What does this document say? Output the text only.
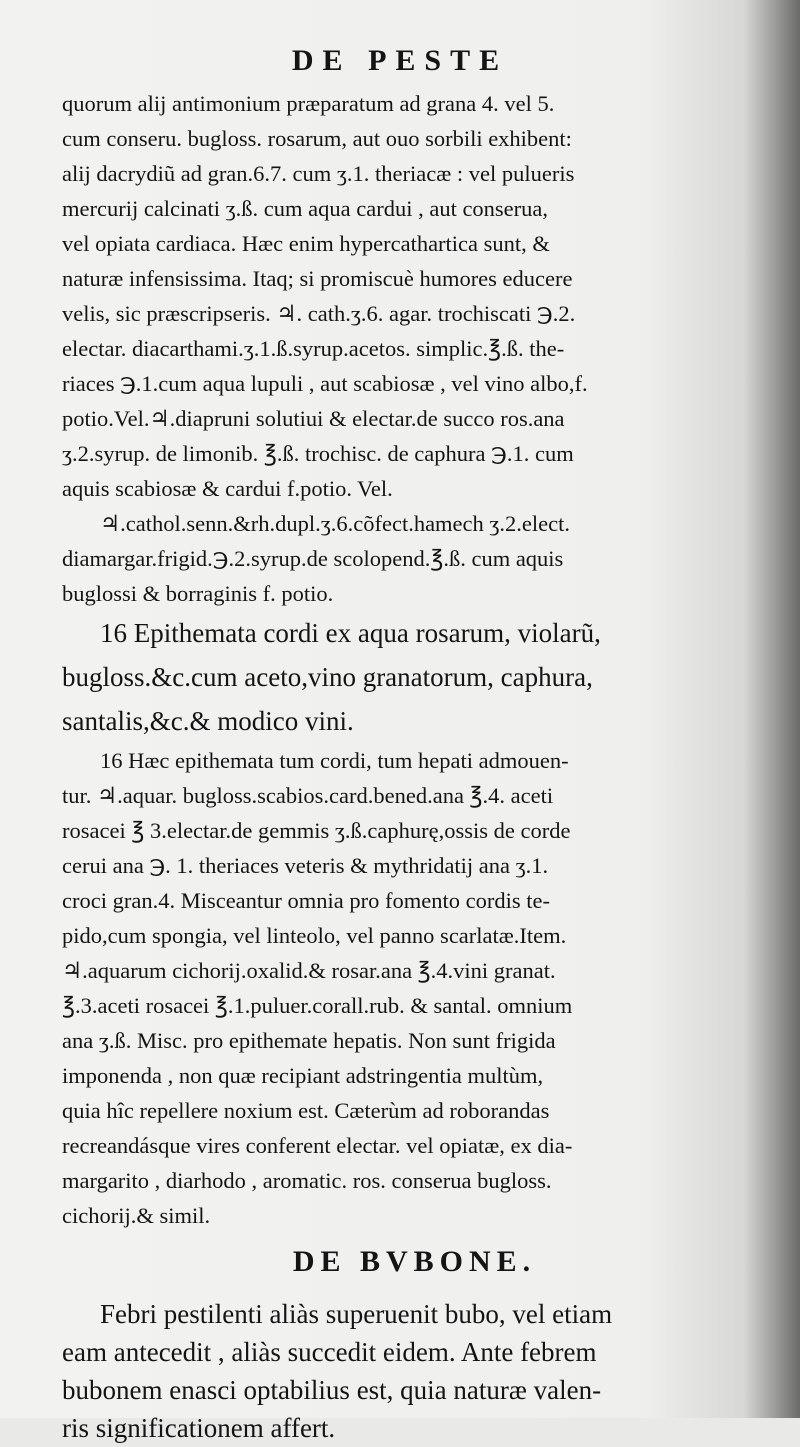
DE PESTE
quorum alij antimonium præparatum ad grana 4. vel 5.
cum conseru. bugloss. rosarum, aut ouo sorbili exhibent:
alij dacrydiũ ad gran.6.7. cum ʒ.1. theriacæ : vel pulueris
mercurij calcinati ʒ.ß. cum aqua cardui , aut conserua,
vel opiata cardiaca. Hæc enim hypercathartica sunt, &
naturæ infensissima. Itaq; si promiscuè humores educere
velis, sic præscripseris. ♃. cath.ʒ.6. agar. trochiscati ℈.2.
electar. diacarthami.ʒ.1.ß.syrup.acetos. simplic.℥.ß. the-
riaces ℈.1.cum aqua lupuli , aut scabiosæ , vel vino albo,f.
potio.Vel.♃.diapruni solutiui & electar.de succo ros.ana
ʒ.2.syrup. de limonib. ℥.ß. trochisc. de caphura ℈.1. cum
aquis scabiosæ & cardui f.potio. Vel.
♃.cathol.senn.&rh.dupl.ʒ.6.cõfect.hamech ʒ.2.elect.
diamargar.frigid.℈.2.syrup.de scolopend.℥.ß. cum aquis
buglossi & borraginis f. potio.
16 Epithemata cordi ex aqua rosarum, violarũ,
bugloss.&c.cum aceto,vino granatorum, caphura,
santalis,&c.& modico vini.
16 Hæc epithemata tum cordi, tum hepati admouen-
tur. ♃.aquar. bugloss.scabios.card.bened.ana ℥.4. aceti
rosacei ℥ 3.electar.de gemmis ʒ.ß.caphurę,ossis de corde
cerui ana ℈. 1. theriaces veteris & mythridatij ana ʒ.1.
croci gran.4. Misceantur omnia pro fomento cordis te-
pido,cum spongia, vel linteolo, vel panno scarlatæ.Item.
♃.aquarum cichorij.oxalid.& rosar.ana ℥.4.vini granat.
℥.3.aceti rosacei ℥.1.puluer.corall.rub. & santal. omnium
ana ʒ.ß. Misc. pro epithemate hepatis. Non sunt frigida
imponenda , non quæ recipiant adstringentia multùm,
quia hîc repellere noxium est. Cæterùm ad roborandas
recreandásque vires conferent electar. vel opiatæ, ex dia-
margarito , diarhodo , aromatic. ros. conserua bugloss.
cichorij.& simil.
DE BVBONE.
Febri pestilenti aliàs superuenit bubo, vel etiam
eam antecedit , aliàs succedit eidem. Ante febrem
bubonem enasci optabilius est, quia naturæ valen-
ris significationem affert.
